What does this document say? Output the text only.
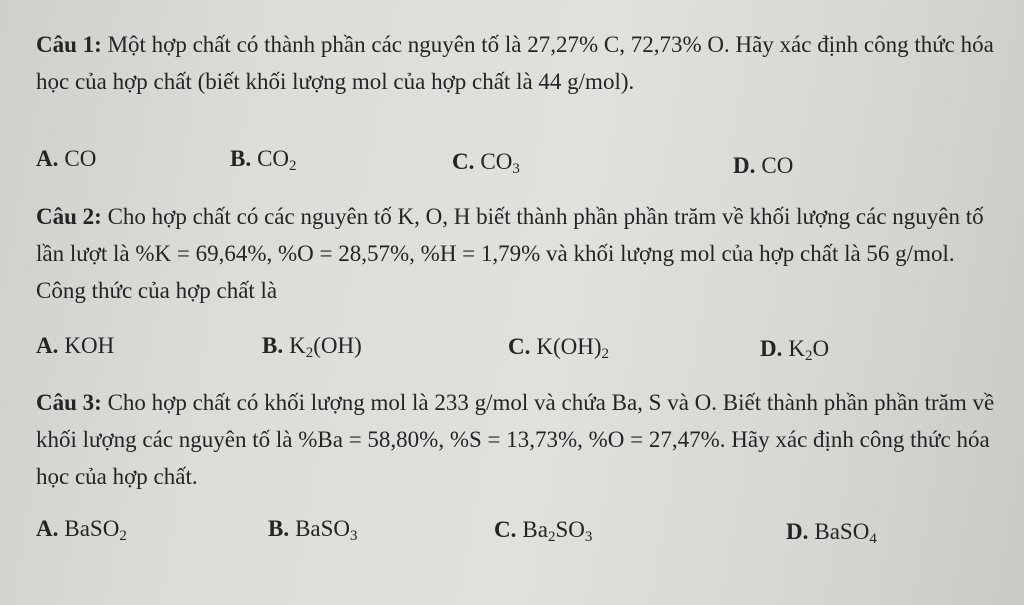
Câu 1: Một hợp chất có thành phần các nguyên tố là 27,27% C, 72,73% O. Hãy xác định công thức hóa học của hợp chất (biết khối lượng mol của hợp chất là 44 g/mol).
A. CO	B. $CO_2$	C. $CO_3$	D. CO
Câu 2: Cho hợp chất có các nguyên tố K, O, H biết thành phần phần trăm về khối lượng các nguyên tố lần lượt là %K = 69,64%, %O = 28,57%, %H = 1,79% và khối lượng mol của hợp chất là 56 g/mol. Công thức của hợp chất là
A. KOH	B. $K_2(OH)$	C. $K(OH)_2$	D. $K_2O$
Câu 3: Cho hợp chất có khối lượng mol là 233 g/mol và chứa Ba, S và O. Biết thành phần phần trăm về khối lượng các nguyên tố là %Ba = 58,80%, %S = 13,73%, %O = 27,47%. Hãy xác định công thức hóa học của hợp chất.
A. BaSO$_2$	B. BaSO$_3$	C. $Ba_2SO_3$	D. BaSO$_4$
